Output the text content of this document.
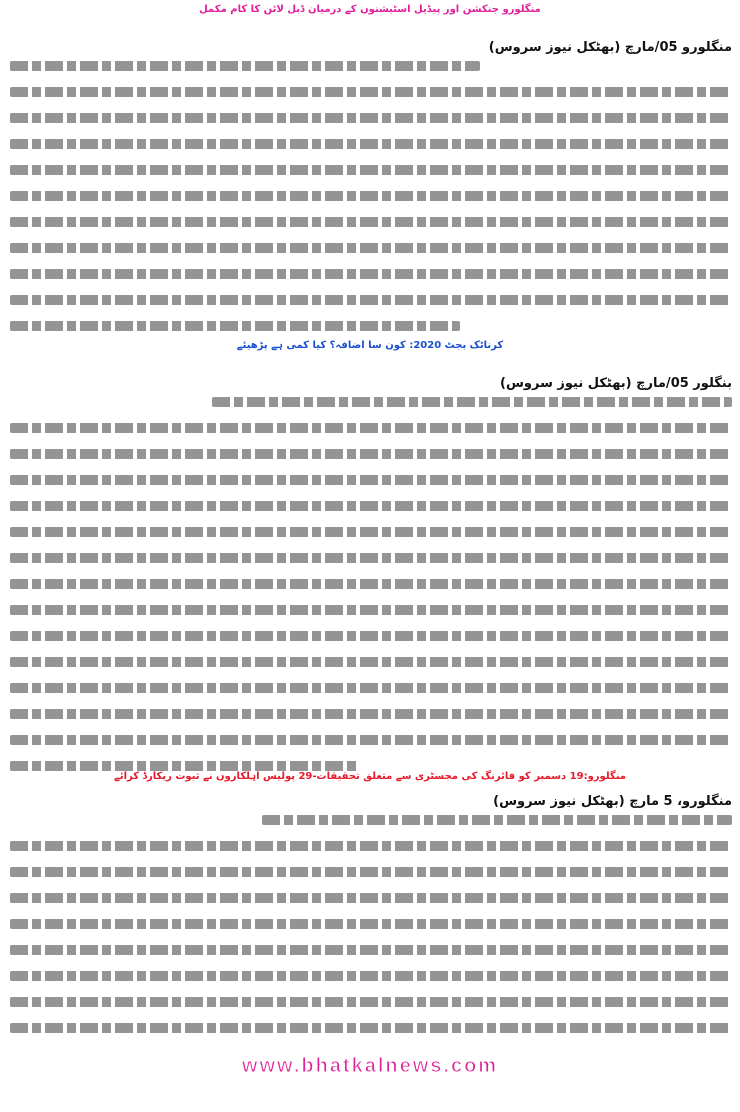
منگلورو جنکشن اور پیڈیل اسٹیشنوں کے درمیان ڈبل لائن کا کام مکمل
منگلورو 05/مارچ (بھٹکل نیوز سروس)
کرناٹک بجٹ 2020: کون سا اضافہ؟ کیا کمی ہے پڑھیئے
بنگلور 05/مارچ (بھٹکل نیوز سروس)
منگلورو:19 دسمبر کو فائرنگ کی مجسٹری سے متعلق تحقیقات-29 پولیس اہلکاروں نے ثبوت ریکارڈ کرائے
منگلورو، 5 مارچ (بھٹکل نیوز سروس)
www.bhatkalnews.com
